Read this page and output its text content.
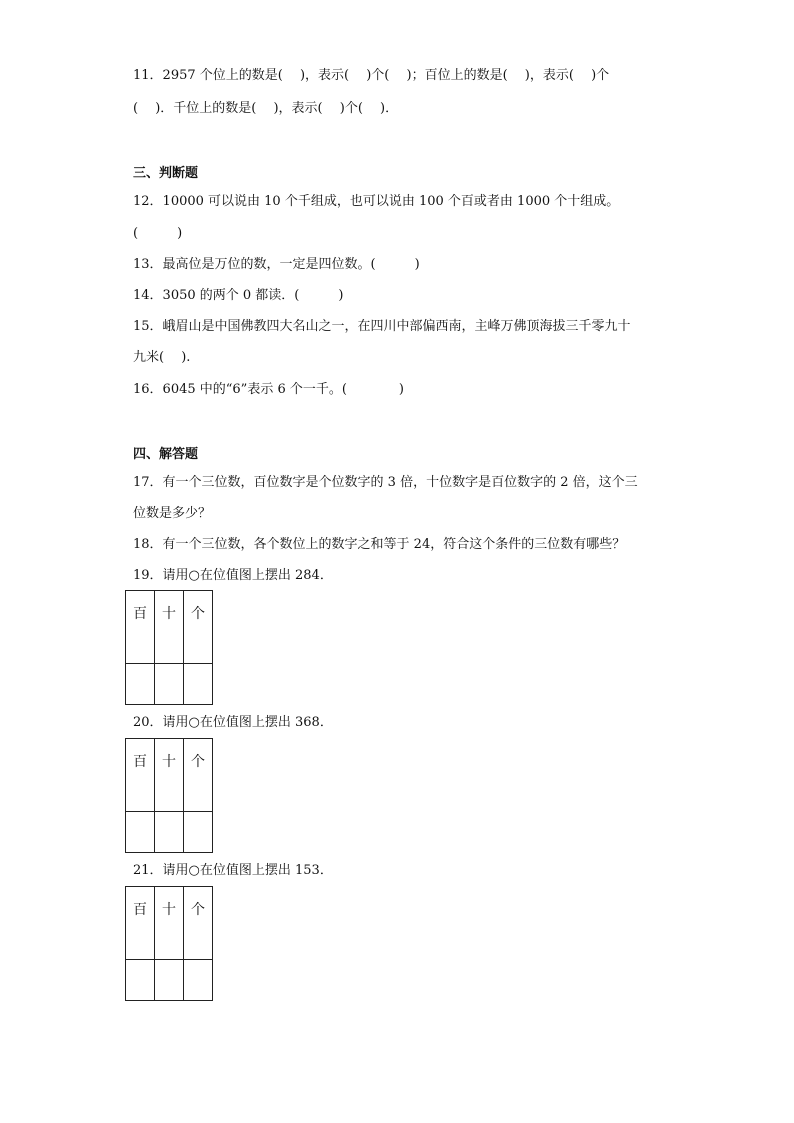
11．2957 个位上的数是(　 )，表示(　 )个(　 )；百位上的数是(　 )，表示(　 )个
(　 )．千位上的数是(　 )，表示(　 )个(　 )．
三、判断题
12．10000 可以说由 10 个千组成，也可以说由 100 个百或者由 1000 个十组成。
(　　　)
13．最高位是万位的数，一定是四位数。(　　　)
14．3050 的两个 0 都读．(　　　)
15．峨眉山是中国佛教四大名山之一，在四川中部偏西南，主峰万佛顶海拔三千零九十
九米(　 ).
16．6045 中的“6”表示 6 个一千。(　　　　)
四、解答题
17．有一个三位数，百位数字是个位数字的 3 倍，十位数字是百位数字的 2 倍，这个三
位数是多少？
18．有一个三位数，各个数位上的数字之和等于 24，符合这个条件的三位数有哪些？
19．请用○在位值图上摆出 284．
百	十	个

20．请用○在位值图上摆出 368．
百	十	个

21．请用○在位值图上摆出 153．
百	十	个
